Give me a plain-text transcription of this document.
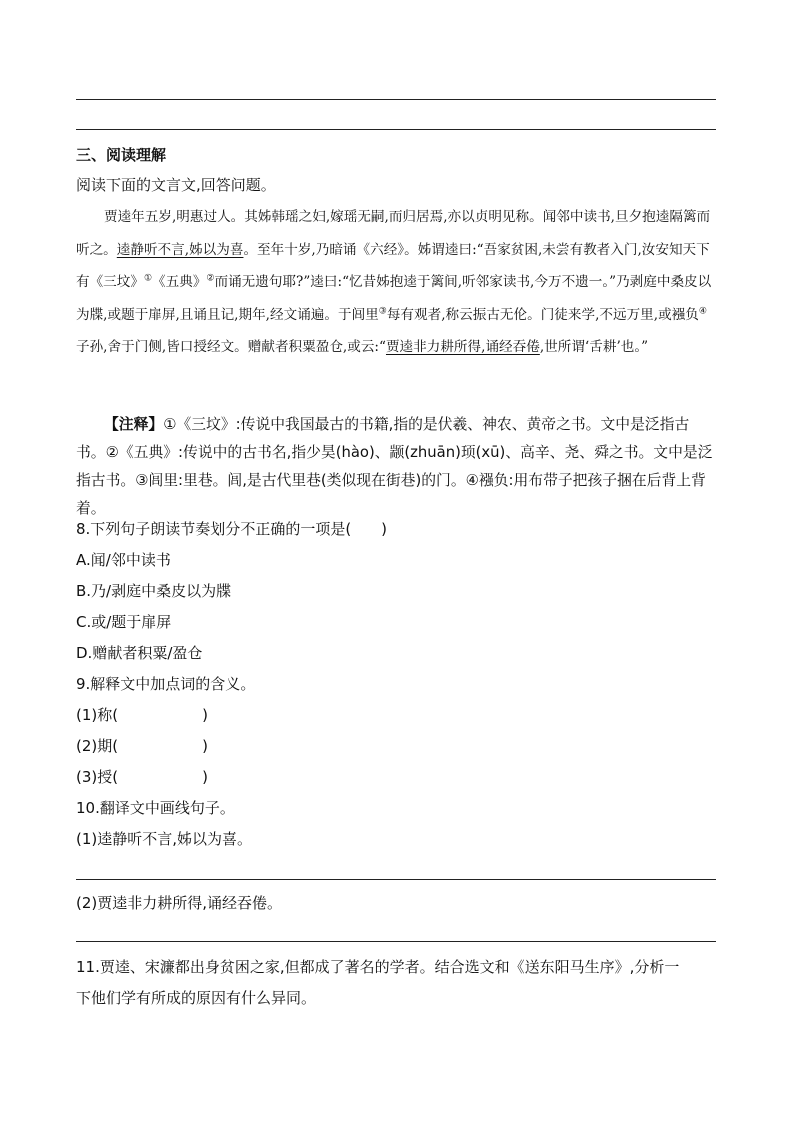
三、阅读理解
阅读下面的文言文,回答问题。
贾逵年五岁,明惠过人。其姊韩瑶之妇,嫁瑶无嗣,而归居焉,亦以贞明见称。闻邻中读书,旦夕抱逵隔篱而听之。逵静听不言,姊以为喜。至年十岁,乃暗诵《六经》。姊谓逵曰:“吾家贫困,未尝有教者入门,汝安知天下有《三坟》①《五典》②而诵无遗句耶?”逵曰:“忆昔姊抱逵于篱间,听邻家读书,今万不遗一。”乃剥庭中桑皮以为牒,或题于扉屏,且诵且记,期年,经文诵遍。于闾里③每有观者,称云振古无伦。门徒来学,不远万里,或襁负④子孙,舍于门侧,皆口授经文。赠献者积粟盈仓,或云:“贾逵非力耕所得,诵经吞倦,世所谓‘舌耕’也。”
【注释】①《三坟》:传说中我国最古的书籍,指的是伏羲、神农、黄帝之书。文中是泛指古书。②《五典》:传说中的古书名,指少昊(hào)、颛(zhuān)顼(xū)、高辛、尧、舜之书。文中是泛指古书。③闾里:里巷。闾,是古代里巷(类似现在街巷)的门。④襁负:用布带子把孩子捆在后背上背着。
8.下列句子朗读节奏划分不正确的一项是(　　)
A.闻/邻中读书
B.乃/剥庭中桑皮以为牒
C.或/题于扉屏
D.赠献者积粟/盈仓
9.解释文中加点词的含义。
(1)称(	)
(2)期(	)
(3)授(	)
10.翻译文中画线句子。
(1)逵静听不言,姊以为喜。
(2)贾逵非力耕所得,诵经吞倦。
11.贾逵、宋濂都出身贫困之家,但都成了著名的学者。结合选文和《送东阳马生序》,分析一
下他们学有所成的原因有什么异同。
